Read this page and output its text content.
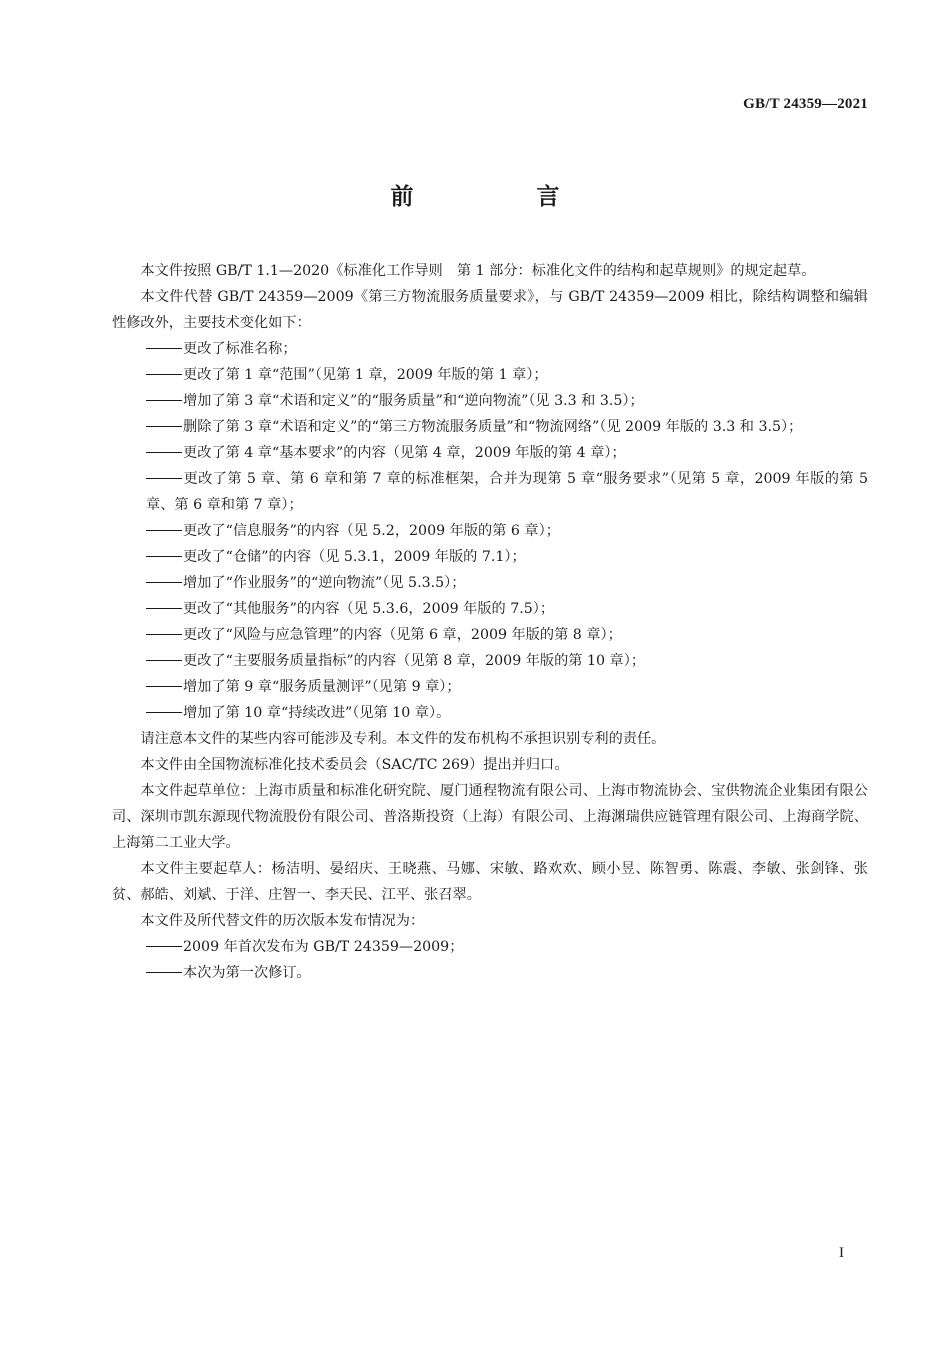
GB/T 24359—2021
前　言

本文件按照 GB/T 1.1—2020《标准化工作导则　第 1 部分：标准化文件的结构和起草规则》的规定起草。

本文件代替 GB/T 24359—2009《第三方物流服务质量要求》，与 GB/T 24359—2009 相比，除结构调整和编辑性修改外，主要技术变化如下：

更改了标准名称；

更改了第 1 章“范围”（见第 1 章，2009 年版的第 1 章）；

增加了第 3 章“术语和定义”的“服务质量”和“逆向物流”（见 3.3 和 3.5）；

删除了第 3 章“术语和定义”的“第三方物流服务质量”和“物流网络”（见 2009 年版的 3.3 和 3.5）；

更改了第 4 章“基本要求”的内容（见第 4 章，2009 年版的第 4 章）；

更改了第 5 章、第 6 章和第 7 章的标准框架，合并为现第 5 章“服务要求”（见第 5 章，2009 年版的第 5 章、第 6 章和第 7 章）；

更改了“信息服务”的内容（见 5.2，2009 年版的第 6 章）；

更改了“仓储”的内容（见 5.3.1，2009 年版的 7.1）；

增加了“作业服务”的“逆向物流”（见 5.3.5）；

更改了“其他服务”的内容（见 5.3.6，2009 年版的 7.5）；

更改了“风险与应急管理”的内容（见第 6 章，2009 年版的第 8 章）；

更改了“主要服务质量指标”的内容（见第 8 章，2009 年版的第 10 章）；

增加了第 9 章“服务质量测评”（见第 9 章）；

增加了第 10 章“持续改进”（见第 10 章）。

请注意本文件的某些内容可能涉及专利。本文件的发布机构不承担识别专利的责任。

本文件由全国物流标准化技术委员会（SAC/TC 269）提出并归口。

本文件起草单位：上海市质量和标准化研究院、厦门通程物流有限公司、上海市物流协会、宝供物流企业集团有限公司、深圳市凯东源现代物流股份有限公司、普洛斯投资（上海）有限公司、上海渊瑞供应链管理有限公司、上海商学院、上海第二工业大学。

本文件主要起草人：杨洁明、晏绍庆、王晓燕、马娜、宋敏、路欢欢、顾小昱、陈智勇、陈震、李敏、张剑锋、张贫、郝皓、刘斌、于洋、庄智一、李天民、江平、张召翠。

本文件及所代替文件的历次版本发布情况为：

2009 年首次发布为 GB/T 24359—2009；

本次为第一次修订。

I
